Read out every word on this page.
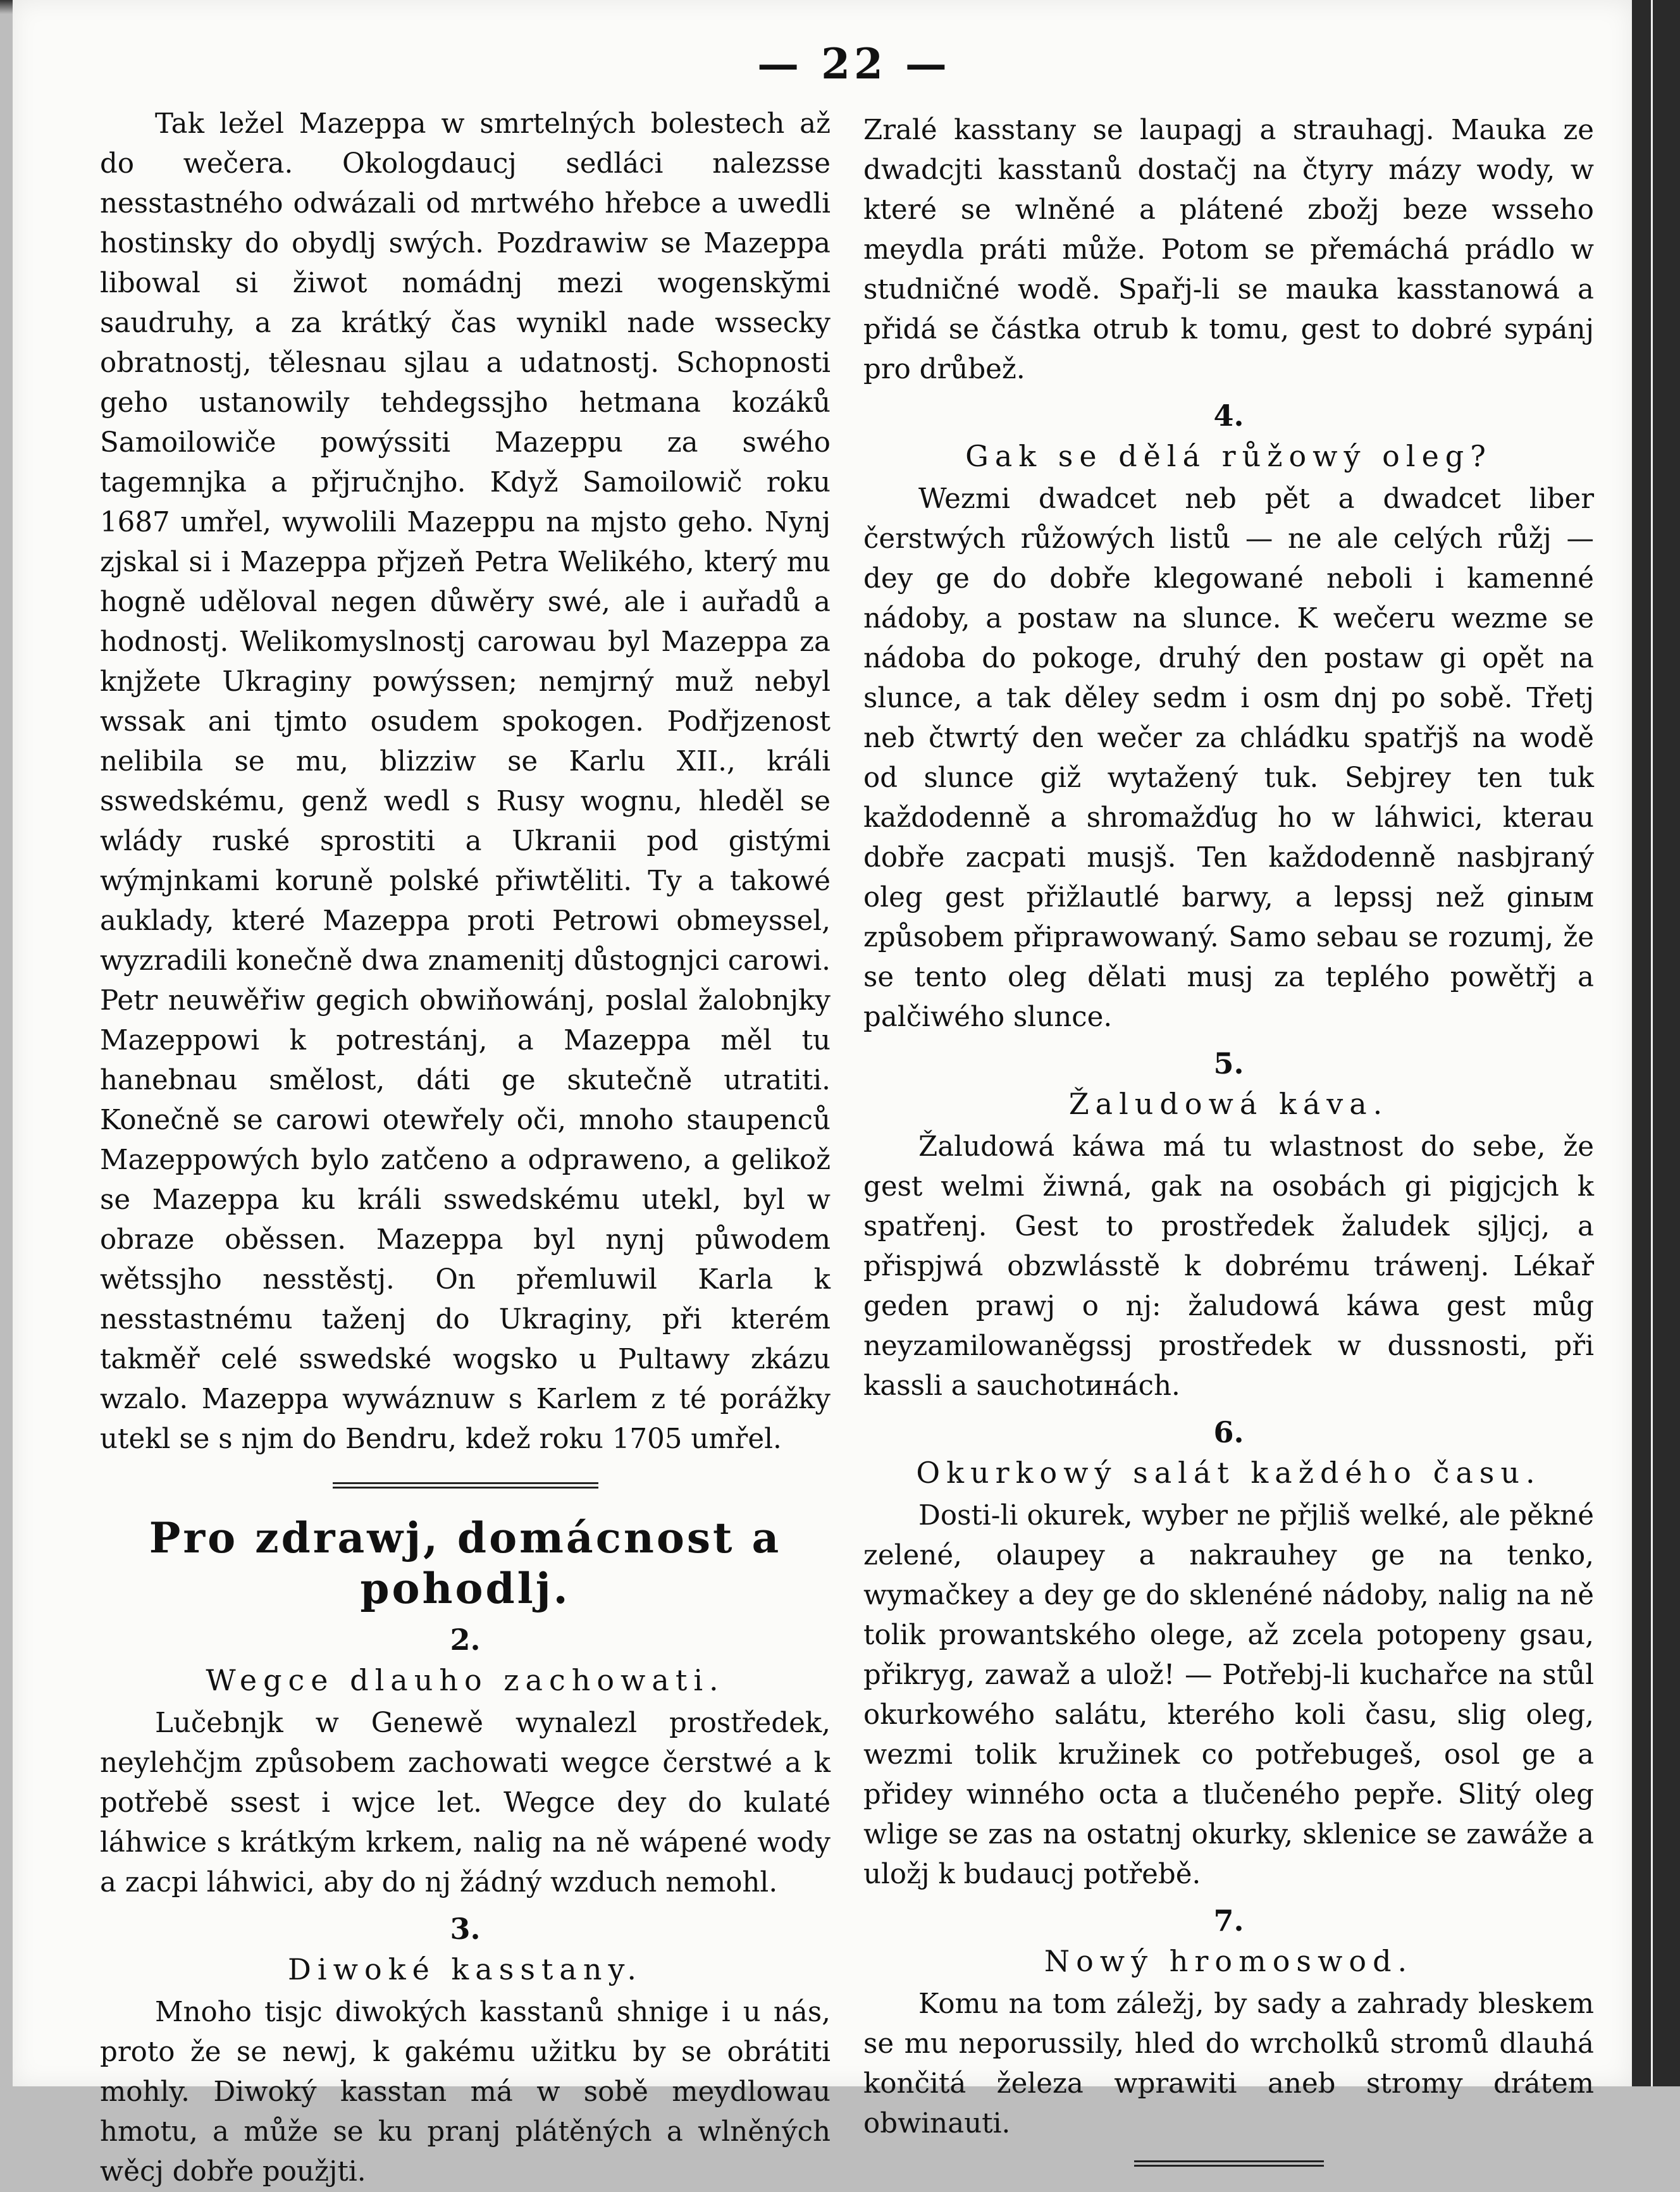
— 22 —

Tak ležel Mazeppa w smrtelných bolestech až do wečera. Okologdaucj sedláci nalezsse nesstastného odwázali od mrtwého hřebce a uwedli hostinsky do obydlj swých. Pozdrawiw se Mazeppa libowal si žiwot nomádnj mezi wogensky̆mi saudruhy, a za krátký čas wynikl nade wssecky obratnostj, tělesnau sjlau a udatnostj. Schopnosti geho ustanowily tehdegssjho hetmana kozáků Samoilowiče powýssiti Mazeppu za swého tagemnjka a přjručnjho. Když Samoilowič roku 1687 umřel, wywolili Mazeppu na mjsto geho. Nynj zjskal si i Mazeppa přjzeň Petra Welikého, který mu hogně uděloval negen důwěry swé, ale i auřadů a hodnostj. Welikomyslnostj carowau byl Mazeppa za knjžete Ukraginy powýssen; nemjrný muž nebyl wssak ani tjmto osudem spokogen. Podřjzenost nelibila se mu, blizziw se Karlu XII., králi sswedskému, genž wedl s Rusy wognu, hleděl se wlády ruské sprostiti a Ukranii pod gistými wýmjnkami koruně polské přiwtěliti. Ty a takowé auklady, které Mazeppa proti Petrowi obmeyssel, wyzradili konečně dwa znamenitj důstognjci carowi. Petr neuwěřiw gegich obwiňowánj, poslal žalobnjky Mazeppowi k potrestánj, a Mazeppa měl tu hanebnau smělost, dáti ge skutečně utratiti. Konečně se carowi otewřely oči, mnoho staupenců Mazeppowých bylo zatčeno a odprawenо, a gelikož se Mazeppa ku králi sswedskému utekl, byl w obraze oběssen. Mazeppa byl nynj půwodem wětssjho nesstěstj. On přemluwil Karla k nesstastnému taženj do Ukraginy, při kterém takměř celé sswedské wogsko u Pultawy zkázu wzalo. Mazeppa wywáznuw s Karlem z té porážky utekl se s njm do Bendru, kdež roku 1705 umřel.

Pro zdrawj, domácnost a pohodlj.
2.
Wegce dlauho zachowati.

Lučebnjk w Genewě wynalezl prostředek, neylehčjm způsobem zachowati wegce čerstwé a k potřebě ssest i wjce let. Wegce dey do kulaté láhwice s krátkým krkem, nalig na ně wápené wody a zacpi láhwici, aby do nj žádný wzduch nemohl.

3.
Diwoké kasstany.

Mnoho tisjc diwokých kasstanů shnige i u nás, proto že se newj, k gakému užitku by se obrátiti mohly. Diwoký kasstan má w sobě meydlowau hmotu, a může se ku pranj plátěných a wlněných wěcj dobře použjti.

Zralé kasstany se laupagj a strauhagj. Mauka ze dwadcjti kasstanů dostačj na čtyry mázy wody, w které se wlněné a plátené zbožj beze wsseho meydla práti může. Potom se přemáchá prádlo w studničné wodě. Spařj-li se mauka kasstanowá a přidá se částka otrub k tomu, gest to dobré sypánj pro drůbež.

4.
Gak se dělá růžowý oleg?

Wezmi dwadcet neb pět a dwadcet liber čerstwých růžowých listů — ne ale celých růžj — dey ge do dobře klegowané neboli i kamenné nádoby, a postaw na slunce. K wečeru wezme se nádoba do pokoge, druhý den postaw gi opět na slunce, a tak děley sedm i osm dnj po sobě. Třetj neb čtwrtý den wečer za chládku spatřjš na wodě od slunce giž wytažený tuk. Sebjrey ten tuk každodenně a shromažďug ho w láhwici, kterau dobře zacpati musjš. Ten každodenně nasbjraný oleg gest přižlautlé barwy, a lepssj než ginым způsobem připrawowaný. Samo sebau se rozumj, že se tento oleg dělati musj za teplého powětřj a palčiwého slunce.

5.
Žaludowá kávа.

Žaludowá káwa má tu wlastnost do sebe, že gest welmi žiwná, gak na osobách gi pigjcjch k spatřenj. Gest to prostředek žaludek sjljcj, a přispjwá obzwlásstě k dobrému tráwenj. Lékař geden prawj o nj: žaludowá káwa gest můg neyzamilowaněgssj prostředek w dussnosti, při kassli a sauchotинách.

6.
Okurkowý salát každého času.

Dosti-li okurek, wyber ne přjliš welké, ale pěkné zelené, olaupey a nakrauhey ge na tenko, wymačkey a dey ge do sklenéné nádoby, nalig na ně tolik prowantského olege, až zcela potopeny gsau, přikryg, zawaž a ulož! — Potřebj-li kuchařce na stůl okurkowého salátu, kterého koli času, slig oleg, wezmi tolik kružinek co potřebugeš, osol ge a přidey winného octa a tlučeného pepře. Slitý oleg wlige se zas na ostatnj okurky, sklenice se zawáže a uložj k budaucj potřebě.

7.
Nowý hromoswod.

Komu na tom záležj, by sady a zahrady bleskem se mu neporussily, hled do wrcholků stromů dlauhá končitá železa wprawiti aneb stromy drátem obwinauti.
